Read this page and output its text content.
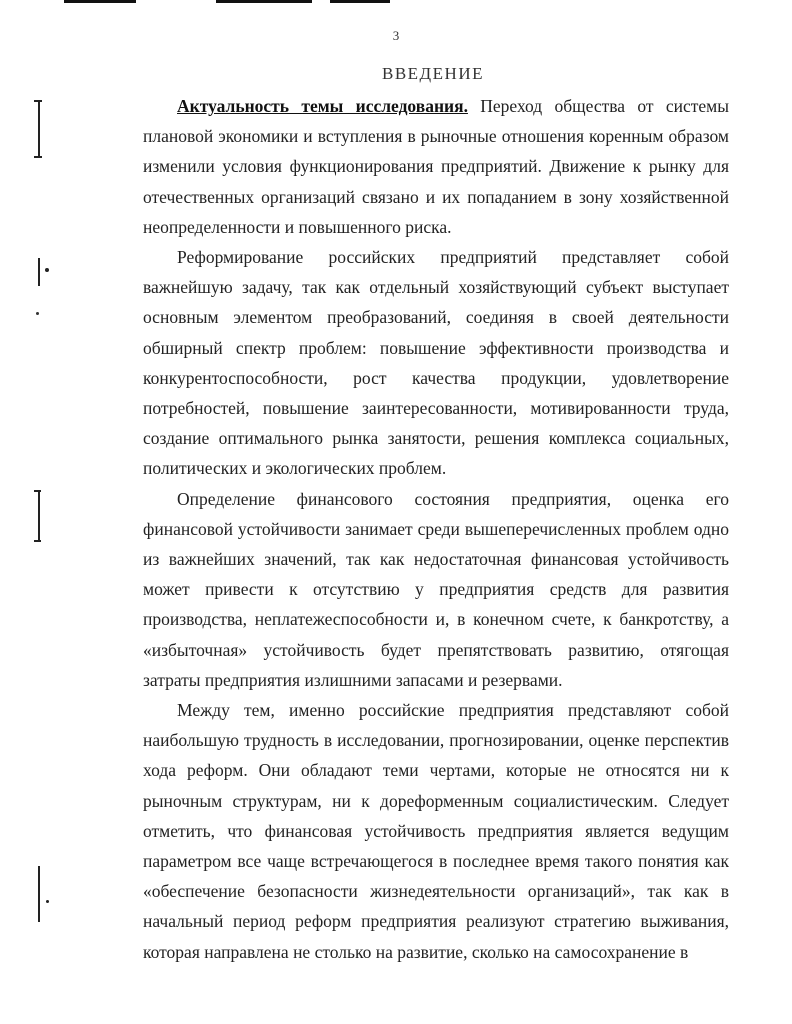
3
ВВЕДЕНИЕ

Актуальность темы исследования. Переход общества от системы плановой экономики и вступления в рыночные отношения коренным образом изменили условия функционирования предприятий. Движение к рынку для отечественных организаций связано и их попаданием в зону хозяйственной неопределенности и повышенного риска.

Реформирование российских предприятий представляет собой важнейшую задачу, так как отдельный хозяйствующий субъект выступает основным элементом преобразований, соединяя в своей деятельности обширный спектр проблем: повышение эффективности производства и конкурентоспособности, рост качества продукции, удовлетворение потребностей, повышение заинтересованности, мотивированности труда, создание оптимального рынка занятости, решения комплекса социальных, политических и экологических проблем.

Определение финансового состояния предприятия, оценка его финансовой устойчивости занимает среди вышеперечисленных проблем одно из важнейших значений, так как недостаточная финансовая устойчивость может привести к отсутствию у предприятия средств для развития производства, неплатежеспособности и, в конечном счете, к банкротству, а «избыточная» устойчивость будет препятствовать развитию, отягощая затраты предприятия излишними запасами и резервами.

Между тем, именно российские предприятия представляют собой наибольшую трудность в исследовании, прогнозировании, оценке перспектив хода реформ. Они обладают теми чертами, которые не относятся ни к рыночным структурам, ни к дореформенным социалистическим. Следует отметить, что финансовая устойчивость предприятия является ведущим параметром все чаще встречающегося в последнее время такого понятия как «обеспечение безопасности жизнедеятельности организаций», так как в начальный период реформ предприятия реализуют стратегию выживания, которая направлена не столько на развитие, сколько на самосохранение в
